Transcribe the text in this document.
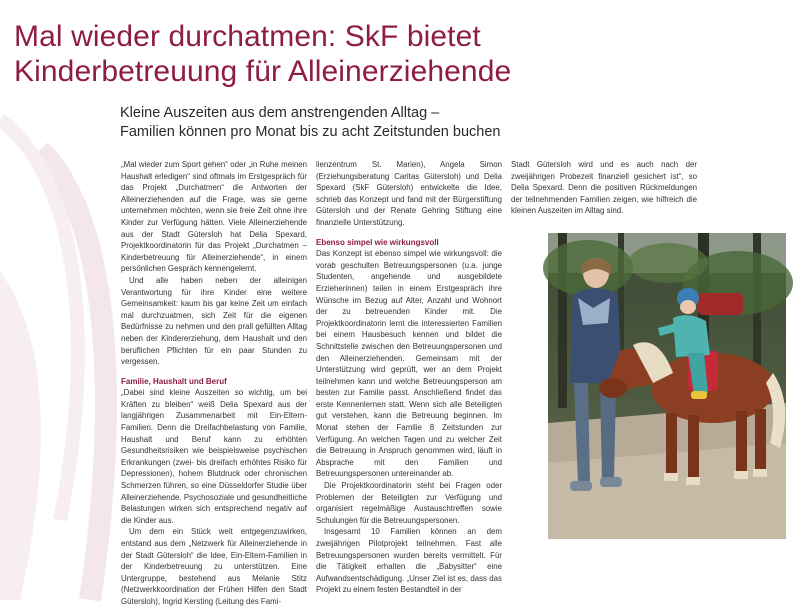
Mal wieder durchatmen: SkF bietet
Kinderbetreuung für Alleinerziehende
Kleine Auszeiten aus dem anstrengenden Alltag –
Familien können pro Monat bis zu acht Zeitstunden buchen

„Mal wieder zum Sport gehen“ oder „in Ruhe meinen Haushalt erledigen“ sind oftmals im Erstgespräch für das Projekt „Durchatmen“ die Antworten der Alleinerziehenden auf die Frage, was sie gerne unternehmen möchten, wenn sie freie Zeit ohne ihre Kinder zur Verfügung hätten. Viele Alleinerziehende aus der Stadt Gütersloh hat Delia Spexard, Projektkoordinatorin für das Projekt „Durchatmen – Kinderbetreuung für Alleinerziehende“, in einem persönlichen Gespräch kennengelernt.

Und alle haben neben der alleinigen Verantwortung für ihre Kinder eine weitere Gemeinsamkeit: kaum bis gar keine Zeit um einfach mal durchzuatmen, sich Zeit für die eigenen Bedürfnisse zu nehmen und den prall gefüllten Alltag neben der Kindererziehung, dem Haushalt und den beruflichen Pflichten für ein paar Stunden zu vergessen.

Familie, Haushalt und Beruf

„Dabei sind kleine Auszeiten so wichtig, um bei Kräften zu bleiben“ weiß Delia Spexard aus der langjährigen Zusammenarbeit mit Ein-Eltern-Familien. Denn die Dreifachbelastung von Familie, Haushalt und Beruf kann zu erhöhten Gesundheitsrisiken wie beispielsweise psychischen Erkrankungen (zwei- bis dreifach erhöhtes Risiko für Depressionen), hohem Blutdruck oder chronischen Schmerzen führen, so eine Düsseldorfer Studie über Alleinerziehende. Psychosoziale und gesundheitliche Belastungen wirken sich entsprechend negativ auf die Kinder aus.

Um dem ein Stück weit entgegenzuwirken, entstand aus dem „Netzwerk für Alleinerziehende in der Stadt Gütersloh“ die Idee, Ein-Eltern-Familien in der Kinderbetreuung zu unterstützen. Eine Untergruppe, bestehend aus Melanie Stitz (Netzwerkkoordination der Frühen Hilfen den Stadt Gütersloh), Ingrid Kersting (Leitung des Fami-

lienzentrum St. Marien), Angela Simon (Erziehungsberatung Caritas Gütersloh) und Delia Spexard (SkF Gütersloh) entwickelte die Idee, schrieb das Konzept und fand mit der Bürgerstiftung Gütersloh und der Renate Gehring Stiftung eine finanzielle Unterstützung.

Ebenso simpel wie wirkungsvoll

Das Konzept ist ebenso simpel wie wirkungsvoll: die vorab geschulten Betreuungspersonen (u.a. junge Studenten, angehende und ausgebildete Erzieherinnen) teilen in einem Erstgespräch ihre Wünsche im Bezug auf Alter, Anzahl und Wohnort der zu betreuenden Kinder mit. Die Projektkoordinatorin lernt die interessierten Familien bei einem Hausbesuch kennen und bildet die Schnittstelle zwischen den Betreuungspersonen und den Alleinerziehenden. Gemeinsam mit der Unterstützung wird geprüft, wer an dem Projekt teilnehmen kann und welche Betreuungsperson am besten zur Familie passt. Anschließend findet das erste Kennenlernen statt. Wenn sich alle Beteiligten gut verstehen, kann die Betreuung beginnen. Im Monat stehen der Familie 8 Zeitstunden zur Verfügung. An welchen Tagen und zu welcher Zeit die Betreuung in Anspruch genommen wird, läuft in Absprache mit den Familien und Betreuungspersonen untereinander ab.

Die Projektkoordinatorin steht bei Fragen oder Problemen der Beteiligten zur Verfügung und organisiert regelmäßige Austauschtreffen sowie Schulungen für die Betreuungspersonen.

Insgesamt 10 Familien können an dem zweijährigen Pilotprojekt teilnehmen. Fast alle Betreuungspersonen wurden bereits vermittelt. Für die Tätigkeit erhalten die „Babysitter“ eine Aufwandsentschädigung. „Unser Ziel ist es, dass das Projekt zu einem festen Bestandteil in der

Stadt Gütersloh wird und es auch nach der zweijährigen Probezeit finanziell gesichert ist“, so Delia Spexard. Denn die positiven Rückmeldungen der teilnehmenden Familien zeigen, wie hilfreich die kleinen Auszeiten im Alltag sind.
